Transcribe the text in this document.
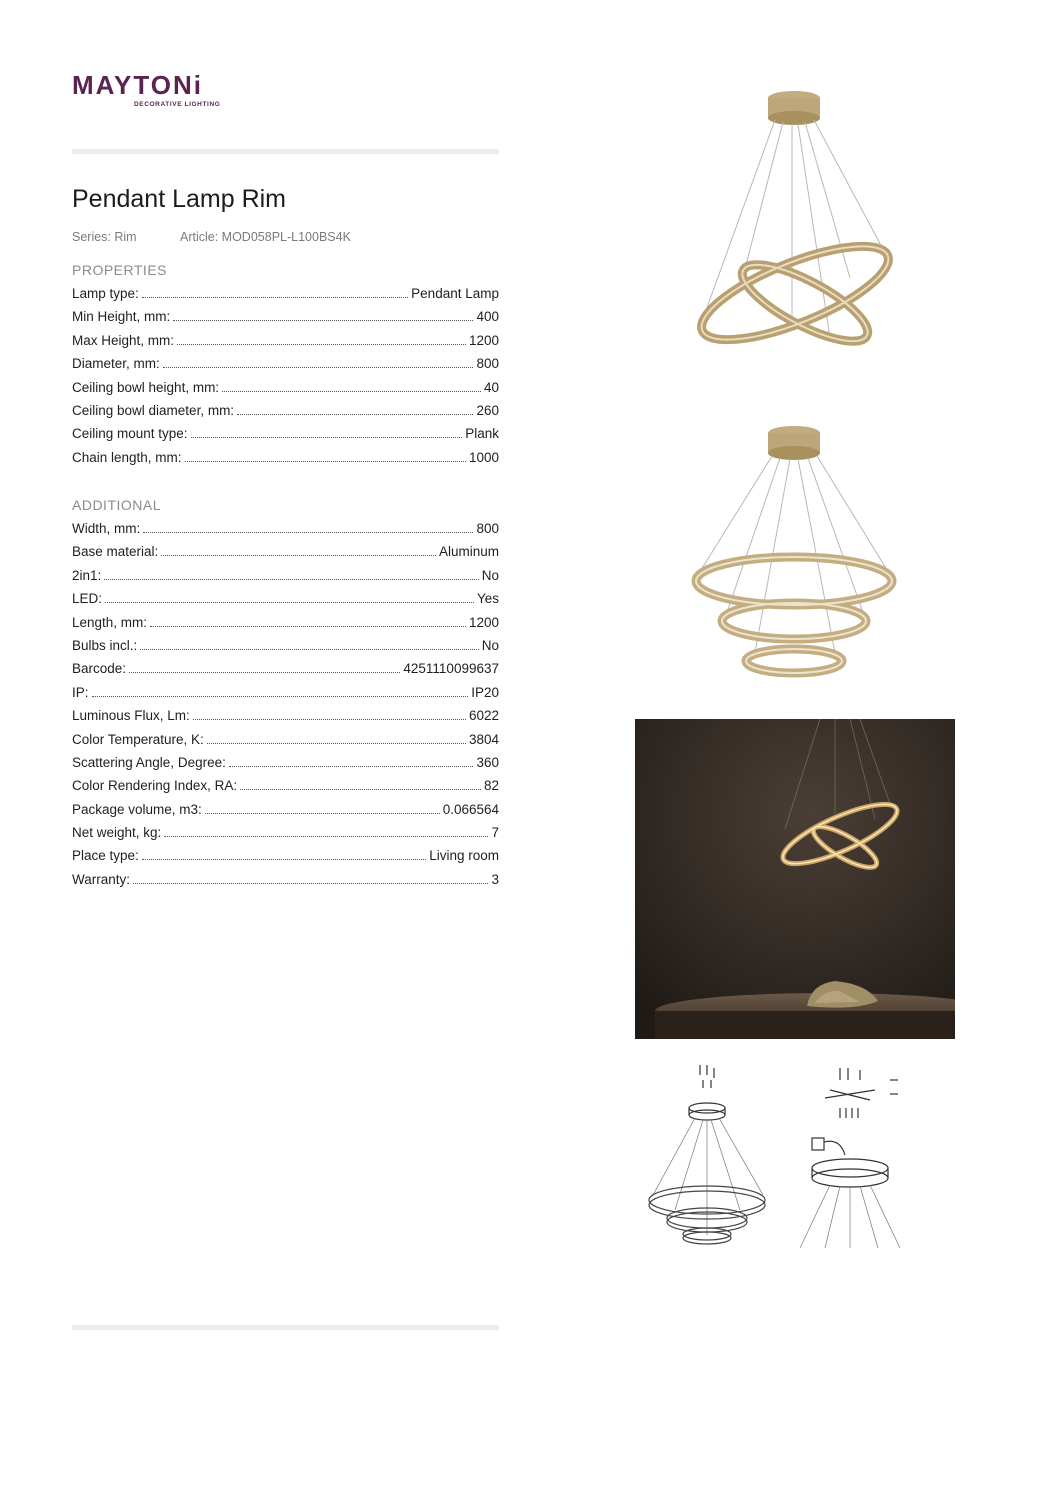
MAYTONi
DECORATIVE LIGHTING
Pendant Lamp Rim
Series: Rim	Article: MOD058PL-L100BS4K
PROPERTIES
Lamp type:	Pendant Lamp
Min Height, mm:	400
Max Height, mm:	1200
Diameter, mm:	800
Ceiling bowl height, mm:	40
Ceiling bowl diameter, mm:	260
Ceiling mount type:	Plank
Chain length, mm:	1000
ADDITIONAL
Width, mm:	800
Base material:	Aluminum
2in1:	No
LED:	Yes
Length, mm:	1200
Bulbs incl.:	No
Barcode:	4251110099637
IP:	IP20
Luminous Flux, Lm:	6022
Color Temperature, K:	3804
Scattering Angle, Degree:	360
Color Rendering Index, RA:	82
Package volume, m3:	0.066564
Net weight, kg:	7
Place type:	Living room
Warranty:	3
